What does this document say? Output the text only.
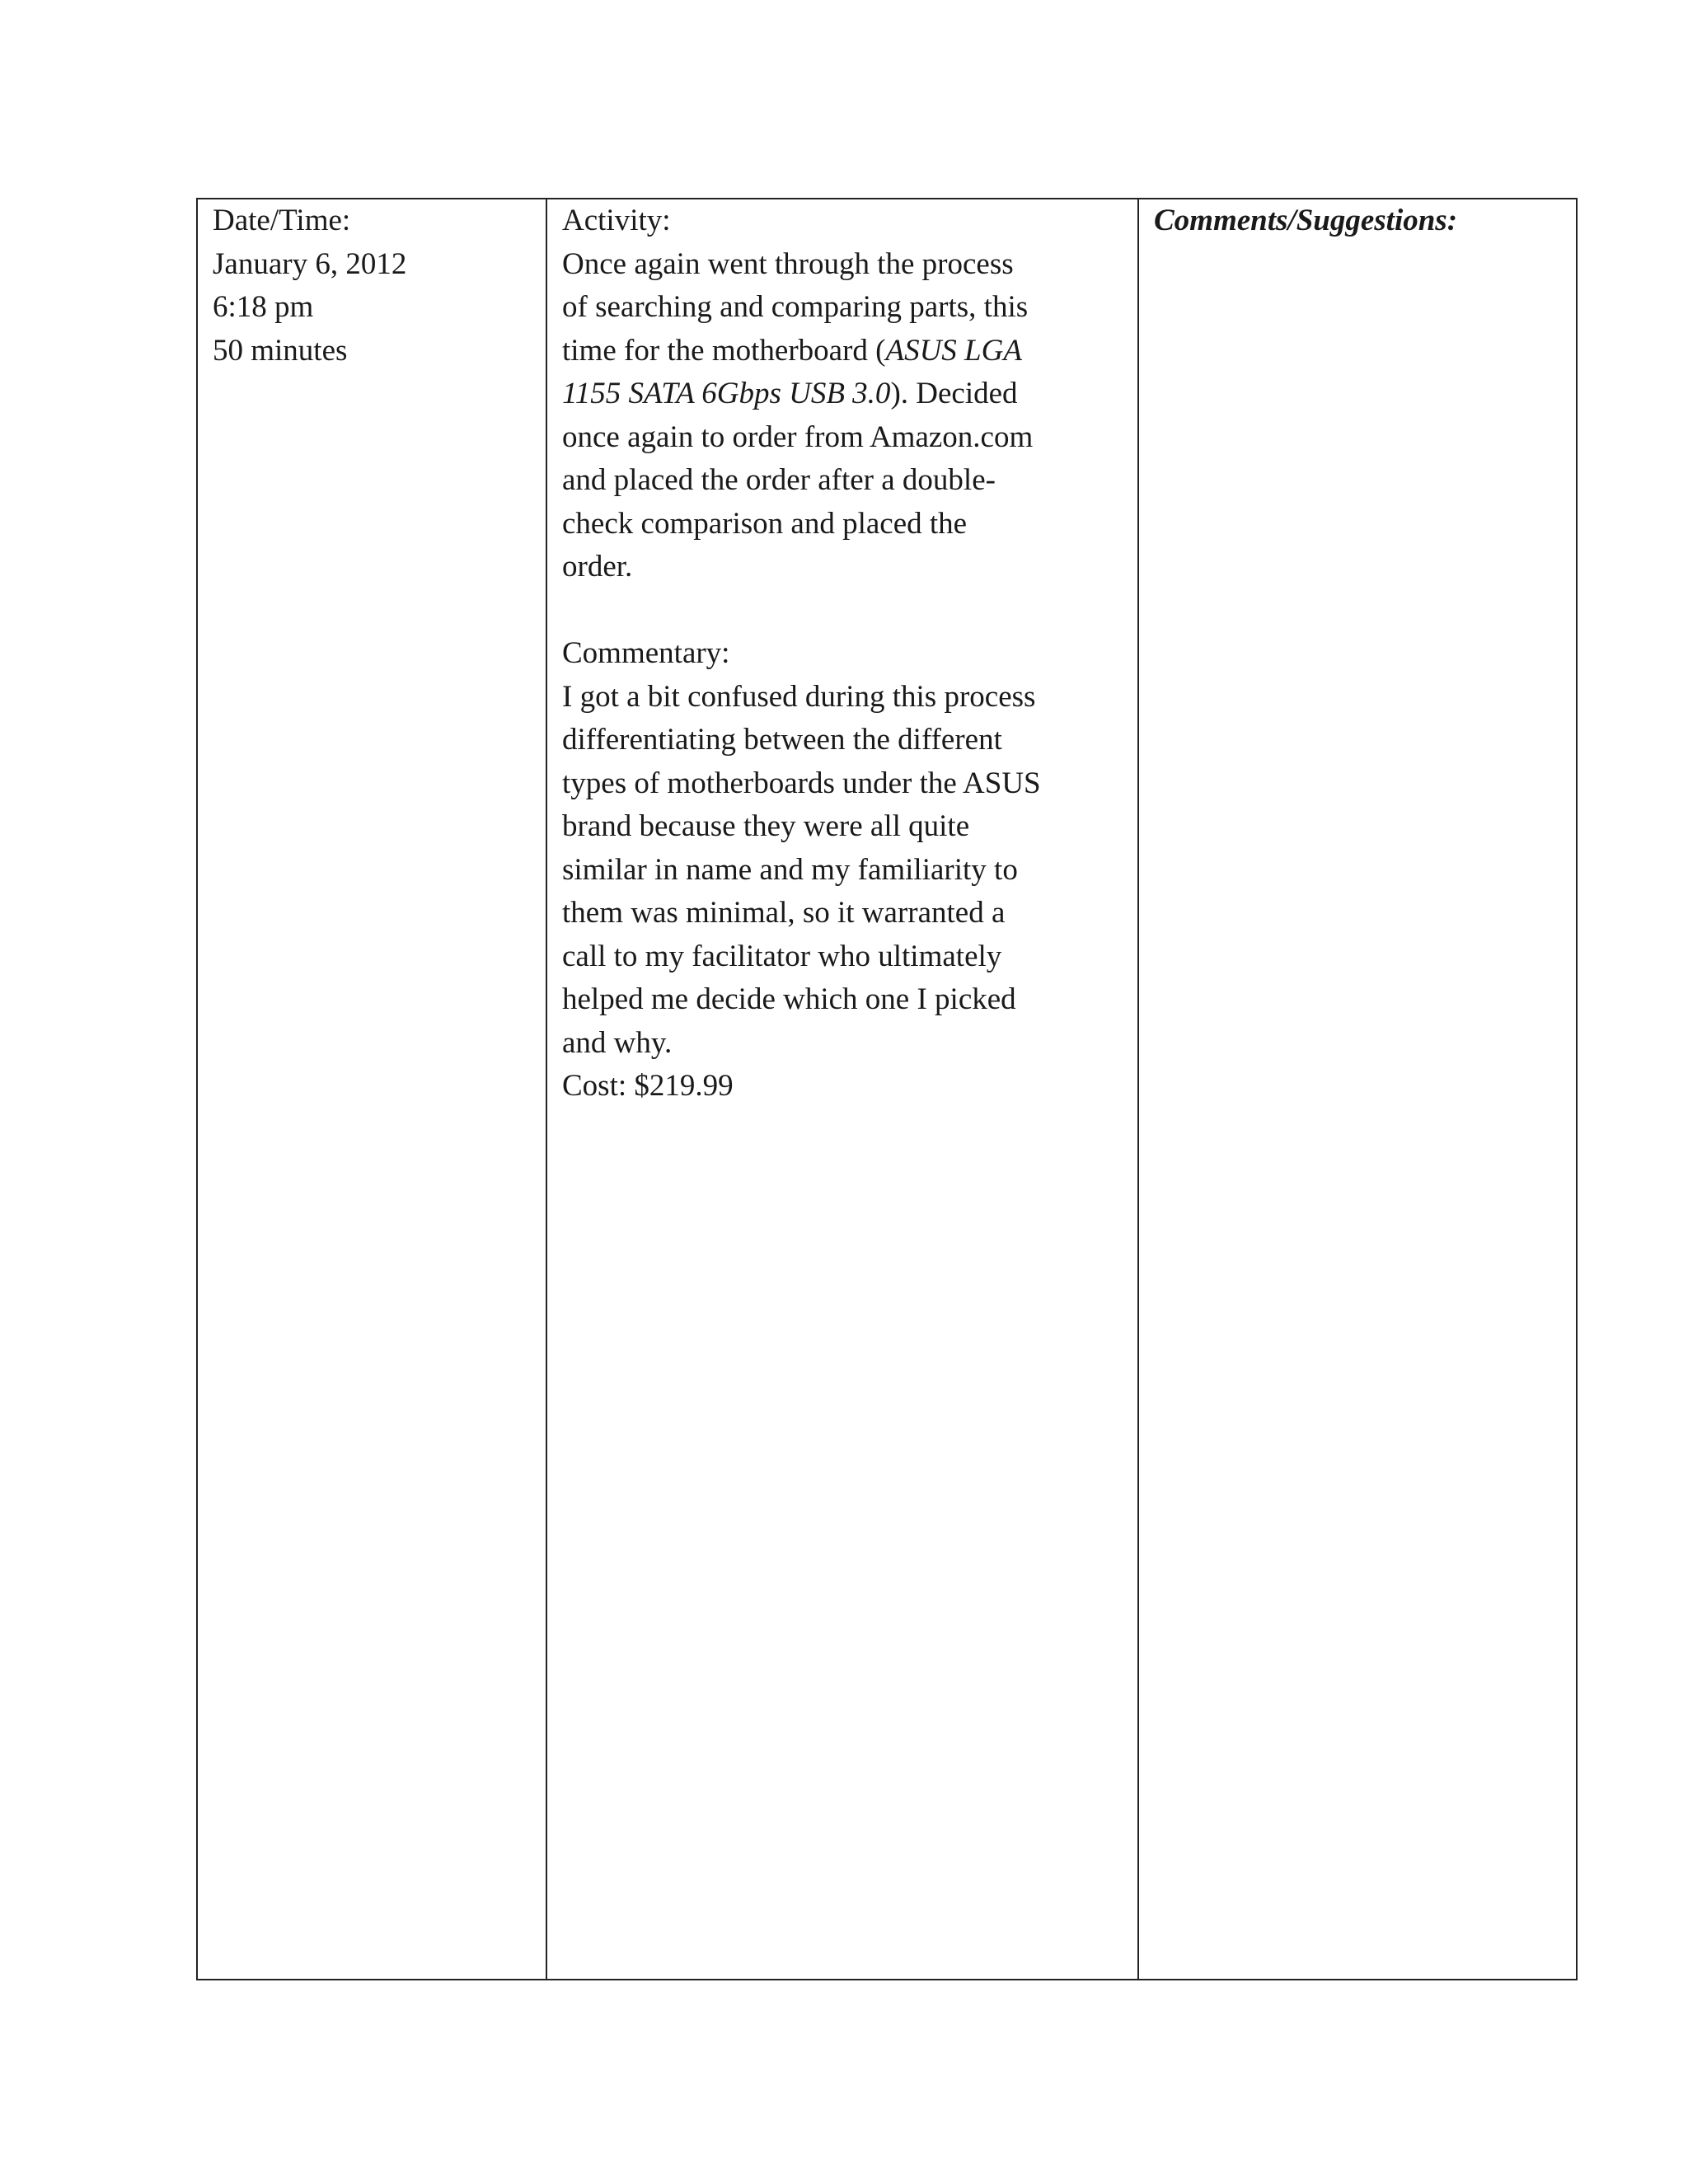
Date/Time:
January 6, 2012
6:18 pm
50 minutes

Activity:
Once again went through the process
of searching and comparing parts, this
time for the motherboard (ASUS LGA
1155 SATA 6Gbps USB 3.0). Decided
once again to order from Amazon.com
and placed the order after a double-
check comparison and placed the
order.
Commentary:
I got a bit confused during this process
differentiating between the different
types of motherboards under the ASUS
brand because they were all quite
similar in name and my familiarity to
them was minimal, so it warranted a
call to my facilitator who ultimately
helped me decide which one I picked
and why.
Cost: $219.99

Comments/Suggestions:
